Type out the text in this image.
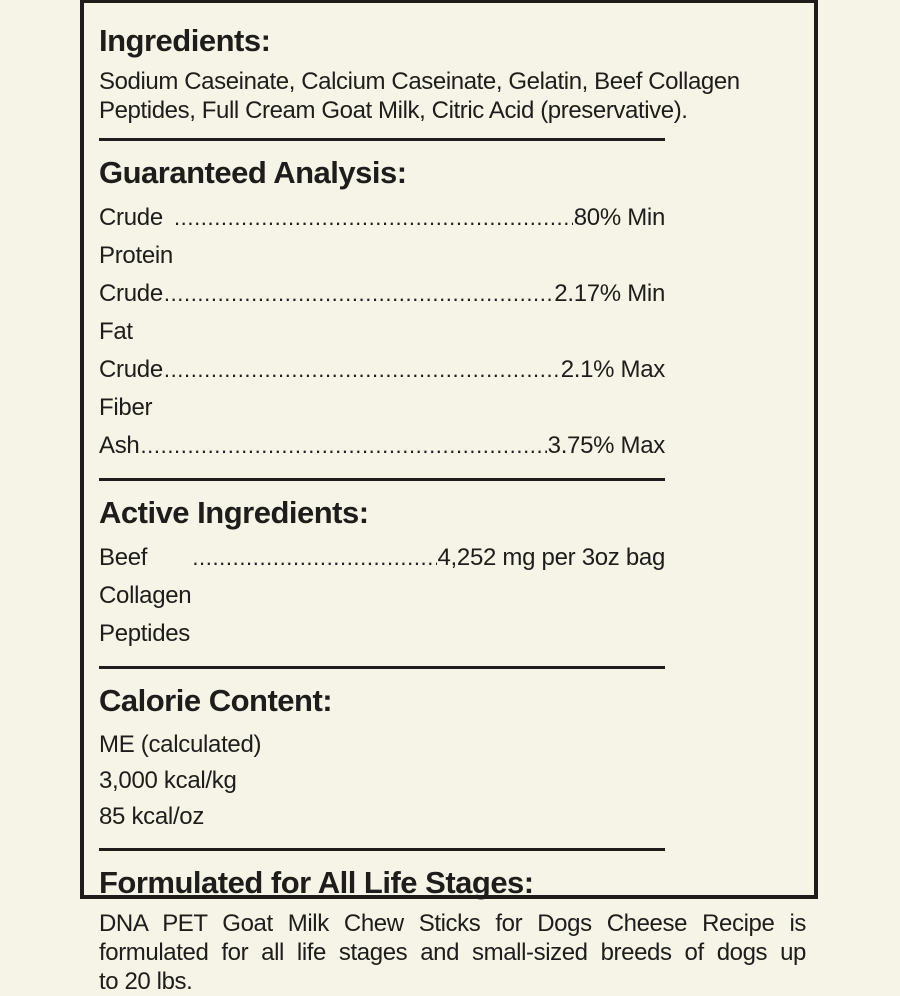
Ingredients:
Sodium Caseinate, Calcium Caseinate, Gelatin, Beef Collagen
Peptides, Full Cream Goat Milk, Citric Acid (preservative).
Guaranteed Analysis:
Crude Protein
.....
80% Min
Crude Fat
.....
2.17% Min
Crude Fiber
.....
2.1% Max
Ash .....	3.75% Max
Active Ingredients:
Beef Collagen Peptides
.....
4,252 mg per 3oz bag
Calorie Content:
ME (calculated)
3,000 kcal/kg
85 kcal/oz
Formulated for All Life Stages:
DNA PET Goat Milk Chew Sticks for Dogs Cheese Recipe is
formulated for all life stages and small-sized breeds of dogs up
to 20 lbs.
